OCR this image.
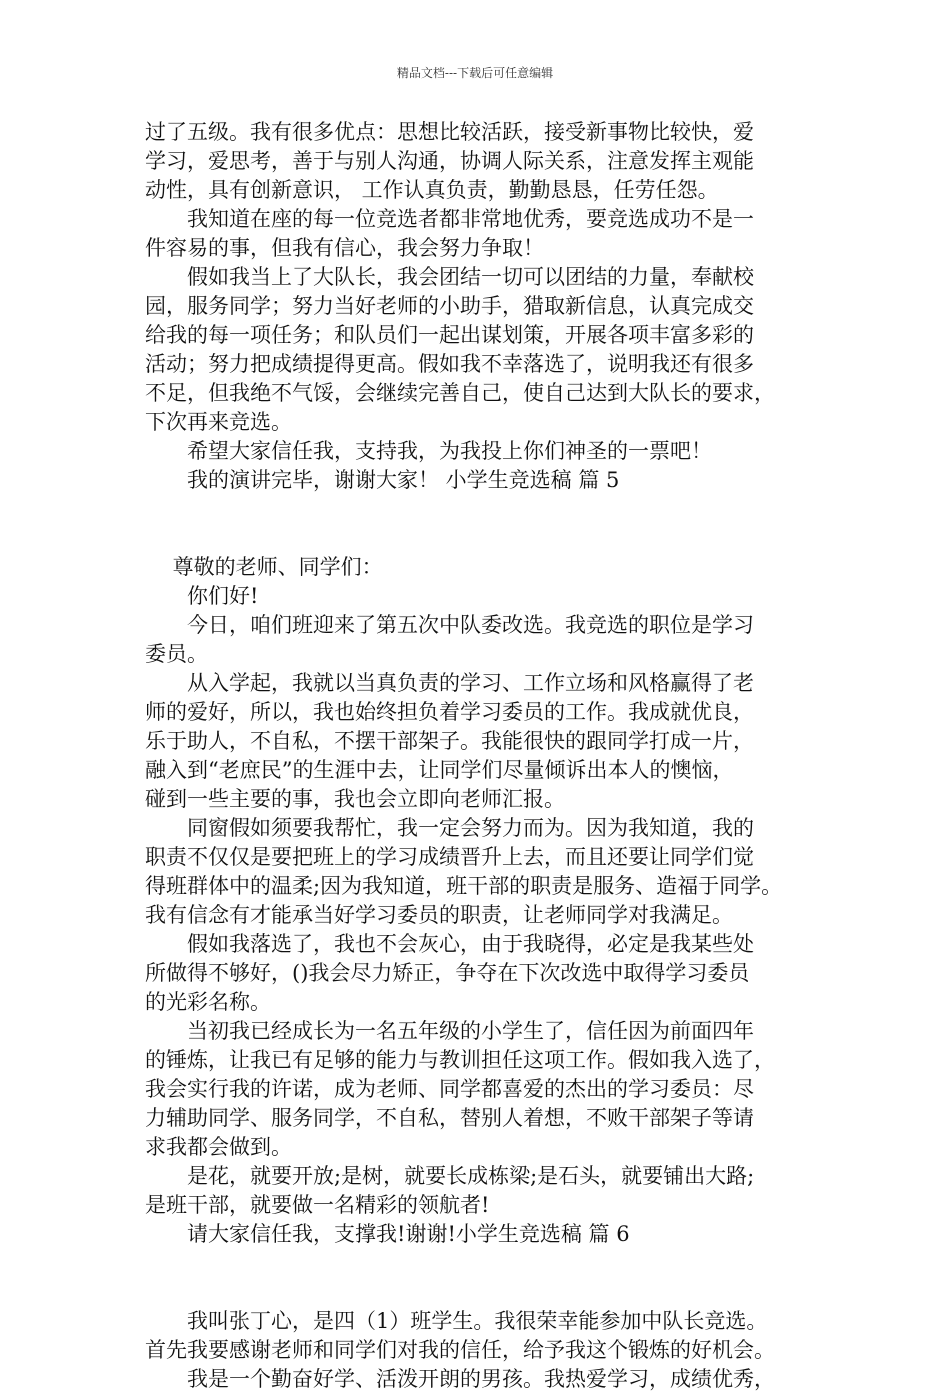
精品文档---下载后可任意编辑
过了五级。我有很多优点：思想比较活跃，接受新事物比较快，爱
学习，爱思考，善于与别人沟通，协调人际关系，注意发挥主观能
动性，具有创新意识， 工作认真负责，勤勤恳恳，任劳任怨。
　　我知道在座的每一位竞选者都非常地优秀，要竞选成功不是一
件容易的事，但我有信心，我会努力争取！
　　假如我当上了大队长，我会团结一切可以团结的力量，奉献校
园，服务同学；努力当好老师的小助手，猎取新信息，认真完成交
给我的每一项任务；和队员们一起出谋划策，开展各项丰富多彩的
活动；努力把成绩提得更高。假如我不幸落选了，说明我还有很多
不足，但我绝不气馁，会继续完善自己，使自己达到大队长的要求，
下次再来竞选。
　　希望大家信任我，支持我，为我投上你们神圣的一票吧！
　　我的演讲完毕，谢谢大家！ 小学生竞选稿 篇 5
　 尊敬的老师、同学们：
　　你们好!
　　今日，咱们班迎来了第五次中队委改选。我竞选的职位是学习
委员。
　　从入学起，我就以当真负责的学习、工作立场和风格赢得了老
师的爱好，所以，我也始终担负着学习委员的工作。我成就优良，
乐于助人，不自私，不摆干部架子。我能很快的跟同学打成一片，
融入到“老庶民”的生涯中去，让同学们尽量倾诉出本人的懊恼，
碰到一些主要的事，我也会立即向老师汇报。
　　同窗假如须要我帮忙，我一定会努力而为。因为我知道，我的
职责不仅仅是要把班上的学习成绩晋升上去，而且还要让同学们觉
得班群体中的温柔;因为我知道，班干部的职责是服务、造福于同学。
我有信念有才能承当好学习委员的职责，让老师同学对我满足。
　　假如我落选了，我也不会灰心，由于我晓得，必定是我某些处
所做得不够好，()我会尽力矫正，争夺在下次改选中取得学习委员
的光彩名称。
　　当初我已经成长为一名五年级的小学生了，信任因为前面四年
的锤炼，让我已有足够的能力与教训担任这项工作。假如我入选了，
我会实行我的许诺，成为老师、同学都喜爱的杰出的学习委员：尽
力辅助同学、服务同学，不自私，替别人着想，不败干部架子等请
求我都会做到。
　　是花，就要开放;是树，就要长成栋梁;是石头，就要铺出大路;
是班干部，就要做一名精彩的领航者!
　　请大家信任我，支撑我!谢谢!小学生竞选稿 篇 6
　　我叫张丁心，是四（1）班学生。我很荣幸能参加中队长竞选。
首先我要感谢老师和同学们对我的信任，给予我这个锻炼的好机会。
　　我是一个勤奋好学、活泼开朗的男孩。我热爱学习，成绩优秀，
